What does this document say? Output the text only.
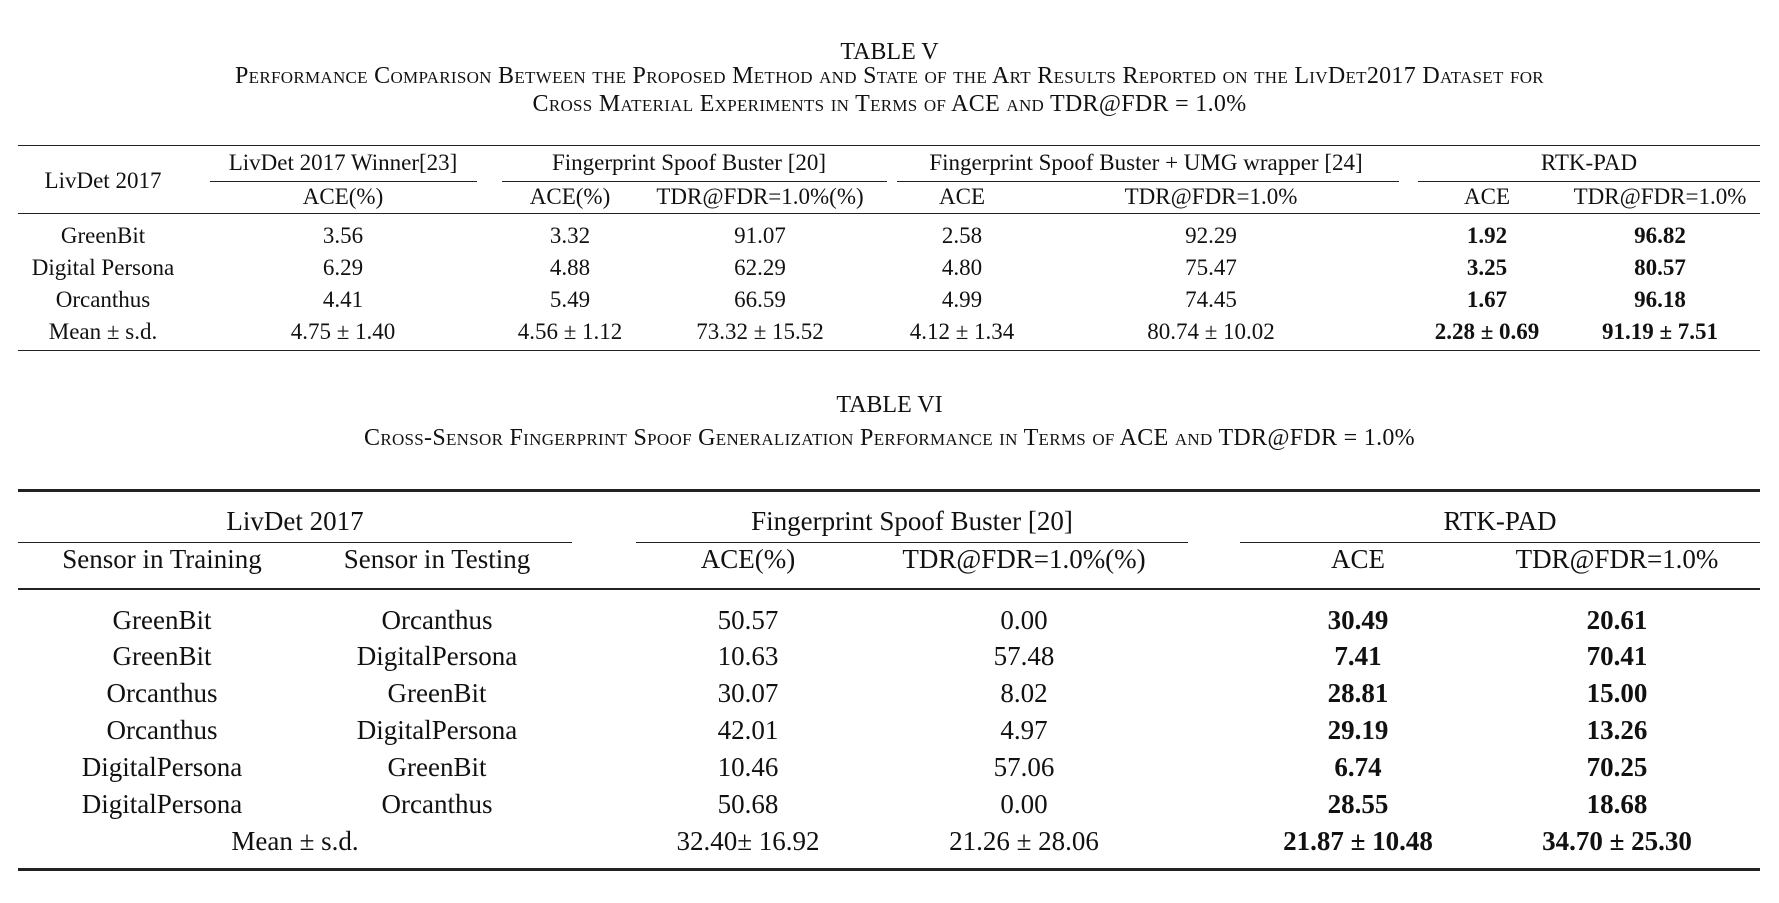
TABLE V
Performance Comparison Between the Proposed Method and State of the Art Results Reported on the LivDet2017 Dataset for
Cross Material Experiments in Terms of ACE and TDR@FDR = 1.0%
LivDet 2017
LivDet 2017 Winner[23]	Fingerprint Spoof Buster [20]	Fingerprint Spoof Buster + UMG wrapper [24]	RTK-PAD
ACE(%)	ACE(%) TDR@FDR=1.0%(%)	ACE	TDR@FDR=1.0%	ACE	TDR@FDR=1.0%
GreenBit	3.56	3.32	91.07	2.58	92.29	1.92	96.82
Digital Persona	6.29	4.88	62.29	4.80	75.47	3.25	80.57
Orcanthus	4.41	5.49	66.59	4.99	74.45	1.67	96.18
Mean ± s.d.	4.75 ± 1.40	4.56 ± 1.12	73.32 ± 15.52	4.12 ± 1.34	80.74 ± 10.02	2.28 ± 0.69	91.19 ± 7.51
TABLE VI
Cross-Sensor Fingerprint Spoof Generalization Performance in Terms of ACE and TDR@FDR = 1.0%
LivDet 2017	Fingerprint Spoof Buster [20]	RTK-PAD
Sensor in Training	Sensor in Testing	ACE(%)	TDR@FDR=1.0%(%)	ACE	TDR@FDR=1.0%
GreenBit	Orcanthus	50.57	0.00	30.49	20.61
GreenBit	DigitalPersona	10.63	57.48	7.41	70.41
Orcanthus	GreenBit	30.07	8.02	28.81	15.00
Orcanthus	DigitalPersona	42.01	4.97	29.19	13.26
DigitalPersona	GreenBit	10.46	57.06	6.74	70.25
DigitalPersona	Orcanthus	50.68	0.00	28.55	18.68
Mean ± s.d.	32.40± 16.92	21.26 ± 28.06	21.87 ± 10.48	34.70 ± 25.30
